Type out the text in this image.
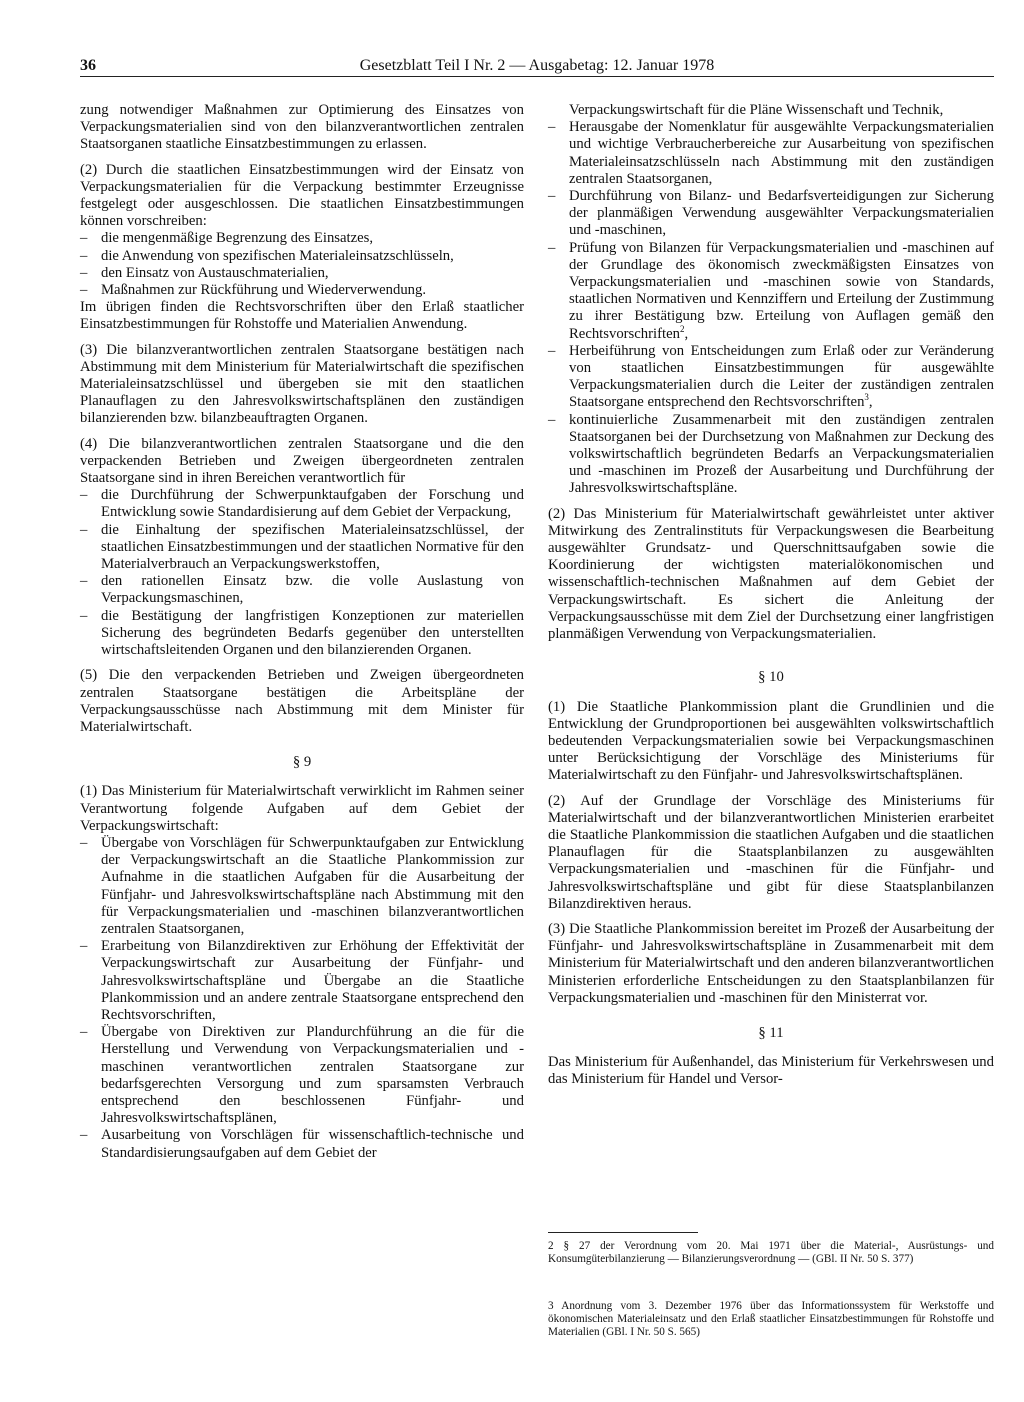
36	Gesetzblatt Teil I Nr. 2 — Ausgabetag: 12. Januar 1978

zung notwendiger Maßnahmen zur Optimierung des Einsatzes von Verpackungsmaterialien sind von den bilanzverantwortlichen zentralen Staatsorganen staatliche Einsatzbestimmungen zu erlassen.

(2) Durch die staatlichen Einsatzbestimmungen wird der Einsatz von Verpackungsmaterialien für die Verpackung bestimmter Erzeugnisse festgelegt oder ausgeschlossen. Die staatlichen Einsatzbestimmungen können vorschreiben:

– die mengenmäßige Begrenzung des Einsatzes,
– die Anwendung von spezifischen Materialeinsatzschlüsseln,
– den Einsatz von Austauschmaterialien,
– Maßnahmen zur Rückführung und Wiederverwendung.

Im übrigen finden die Rechtsvorschriften über den Erlaß staatlicher Einsatzbestimmungen für Rohstoffe und Materialien Anwendung.

(3) Die bilanzverantwortlichen zentralen Staatsorgane bestätigen nach Abstimmung mit dem Ministerium für Materialwirtschaft die spezifischen Materialeinsatzschlüssel und übergeben sie mit den staatlichen Planauflagen zu den Jahresvolkswirtschaftsplänen den zuständigen bilanzierenden bzw. bilanzbeauftragten Organen.

(4) Die bilanzverantwortlichen zentralen Staatsorgane und die den verpackenden Betrieben und Zweigen übergeordneten zentralen Staatsorgane sind in ihren Bereichen verantwortlich für

– die Durchführung der Schwerpunktaufgaben der Forschung und Entwicklung sowie Standardisierung auf dem Gebiet der Verpackung,
– die Einhaltung der spezifischen Materialeinsatzschlüssel, der staatlichen Einsatzbestimmungen und der staatlichen Normative für den Materialverbrauch an Verpackungswerkstoffen,
– den rationellen Einsatz bzw. die volle Auslastung von Verpackungsmaschinen,
– die Bestätigung der langfristigen Konzeptionen zur materiellen Sicherung des begründeten Bedarfs gegenüber den unterstellten wirtschaftsleitenden Organen und den bilanzierenden Organen.

(5) Die den verpackenden Betrieben und Zweigen übergeordneten zentralen Staatsorgane bestätigen die Arbeitspläne der Verpackungsausschüsse nach Abstimmung mit dem Minister für Materialwirtschaft.

§ 9

(1) Das Ministerium für Materialwirtschaft verwirklicht im Rahmen seiner Verantwortung folgende Aufgaben auf dem Gebiet der Verpackungswirtschaft:

– Übergabe von Vorschlägen für Schwerpunktaufgaben zur Entwicklung der Verpackungswirtschaft an die Staatliche Plankommission zur Aufnahme in die staatlichen Aufgaben für die Ausarbeitung der Fünfjahr- und Jahresvolkswirtschaftspläne nach Abstimmung mit den für Verpackungsmaterialien und -maschinen bilanzverantwortlichen zentralen Staatsorganen,
– Erarbeitung von Bilanzdirektiven zur Erhöhung der Effektivität der Verpackungswirtschaft zur Ausarbeitung der Fünfjahr- und Jahresvolkswirtschaftspläne und Übergabe an die Staatliche Plankommission und an andere zentrale Staatsorgane entsprechend den Rechtsvorschriften,
– Übergabe von Direktiven zur Plandurchführung an die für die Herstellung und Verwendung von Verpackungsmaterialien und -maschinen verantwortlichen zentralen Staatsorgane zur bedarfsgerechten Versorgung und zum sparsamsten Verbrauch entsprechend den beschlossenen Fünfjahr- und Jahresvolkswirtschaftsplänen,
– Ausarbeitung von Vorschlägen für wissenschaftlich-technische und Standardisierungsaufgaben auf dem Gebiet der

Verpackungswirtschaft für die Pläne Wissenschaft und Technik,

– Herausgabe der Nomenklatur für ausgewählte Verpackungsmaterialien und wichtige Verbraucherbereiche zur Ausarbeitung von spezifischen Materialeinsatzschlüsseln nach Abstimmung mit den zuständigen zentralen Staatsorganen,
– Durchführung von Bilanz- und Bedarfsverteidigungen zur Sicherung der planmäßigen Verwendung ausgewählter Verpackungsmaterialien und -maschinen,
– Prüfung von Bilanzen für Verpackungsmaterialien und -maschinen auf der Grundlage des ökonomisch zweckmäßigsten Einsatzes von Verpackungsmaterialien und -maschinen sowie von Standards, staatlichen Normativen und Kennziffern und Erteilung der Zustimmung zu ihrer Bestätigung bzw. Erteilung von Auflagen gemäß den Rechtsvorschriften$^2$,
– Herbeiführung von Entscheidungen zum Erlaß oder zur Veränderung von staatlichen Einsatzbestimmungen für ausgewählte Verpackungsmaterialien durch die Leiter der zuständigen zentralen Staatsorgane entsprechend den Rechtsvorschriften$^3$,
– kontinuierliche Zusammenarbeit mit den zuständigen zentralen Staatsorganen bei der Durchsetzung von Maßnahmen zur Deckung des volkswirtschaftlich begründeten Bedarfs an Verpackungsmaterialien und -maschinen im Prozeß der Ausarbeitung und Durchführung der Jahresvolkswirtschaftspläne.

(2) Das Ministerium für Materialwirtschaft gewährleistet unter aktiver Mitwirkung des Zentralinstituts für Verpackungswesen die Bearbeitung ausgewählter Grundsatz- und Querschnittsaufgaben sowie die Koordinierung der wichtigsten materialökonomischen und wissenschaftlich-technischen Maßnahmen auf dem Gebiet der Verpackungswirtschaft. Es sichert die Anleitung der Verpackungsausschüsse mit dem Ziel der Durchsetzung einer langfristigen planmäßigen Verwendung von Verpackungsmaterialien.

§ 10

(1) Die Staatliche Plankommission plant die Grundlinien und die Entwicklung der Grundproportionen bei ausgewählten volkswirtschaftlich bedeutenden Verpackungsmaterialien sowie bei Verpackungsmaschinen unter Berücksichtigung der Vorschläge des Ministeriums für Materialwirtschaft zu den Fünfjahr- und Jahresvolkswirtschaftsplänen.

(2) Auf der Grundlage der Vorschläge des Ministeriums für Materialwirtschaft und der bilanzverantwortlichen Ministerien erarbeitet die Staatliche Plankommission die staatlichen Aufgaben und die staatlichen Planauflagen für die Staatsplanbilanzen zu ausgewählten Verpackungsmaterialien und -maschinen für die Fünfjahr- und Jahresvolkswirtschaftspläne und gibt für diese Staatsplanbilanzen Bilanzdirektiven heraus.

(3) Die Staatliche Plankommission bereitet im Prozeß der Ausarbeitung der Fünfjahr- und Jahresvolkswirtschaftspläne in Zusammenarbeit mit dem Ministerium für Materialwirtschaft und den anderen bilanzverantwortlichen Ministerien erforderliche Entscheidungen zu den Staatsplanbilanzen für Verpackungsmaterialien und -maschinen für den Ministerrat vor.

§ 11

Das Ministerium für Außenhandel, das Ministerium für Verkehrswesen und das Ministerium für Handel und Versor-

2 § 27 der Verordnung vom 20. Mai 1971 über die Material-, Ausrüstungs- und Konsumgüterbilanzierung — Bilanzierungsverordnung — (GBl. II Nr. 50 S. 377)
3 Anordnung vom 3. Dezember 1976 über das Informationssystem für Werkstoffe und ökonomischen Materialeinsatz und den Erlaß staatlicher Einsatzbestimmungen für Rohstoffe und Materialien (GBl. I Nr. 50 S. 565)
